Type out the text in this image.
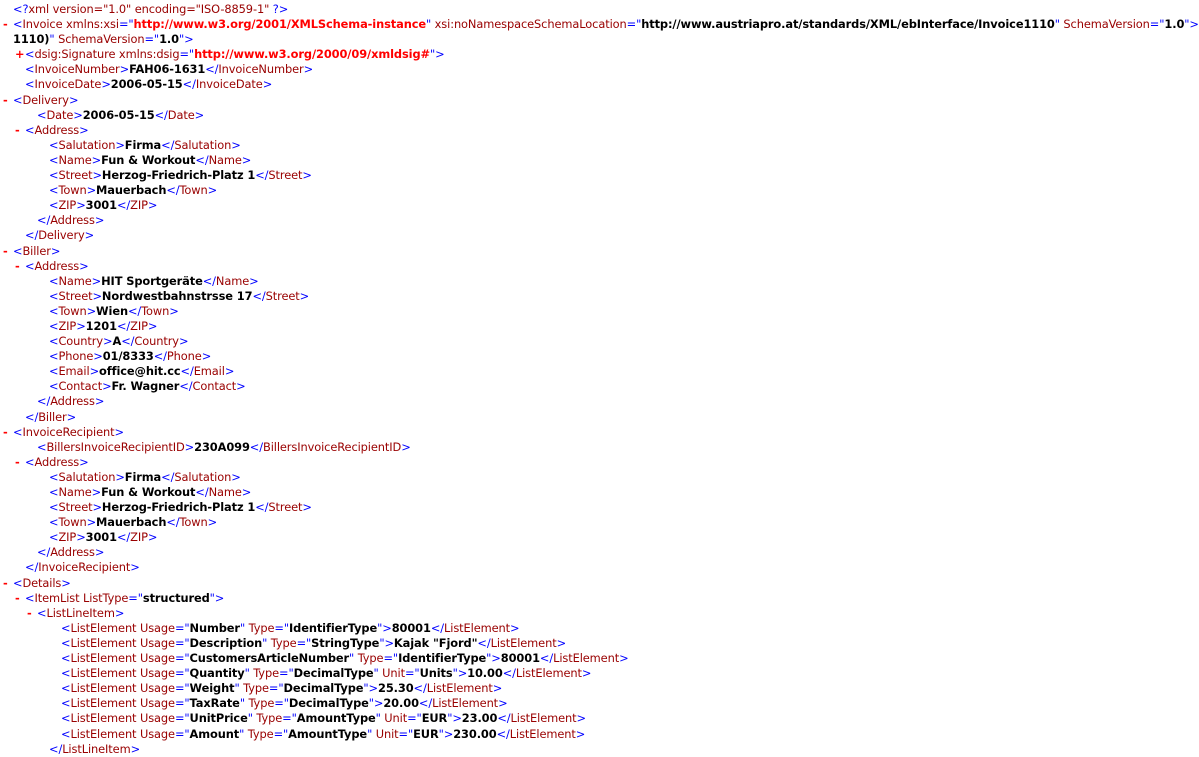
<?xml version="1.0" encoding="ISO-8859-1" ?>
- <Invoice xmlns:xsi="http://www.w3.org/2001/XMLSchema-instance" xsi:noNamespaceSchemaLocation="http://www.austriapro.at/standards/XML/ebInterface/Invoice1110" SchemaVersion="1.0">
1110)" SchemaVersion="1.0">
+ <dsig:Signature xmlns:dsig="http://www.w3.org/2000/09/xmldsig#">
<InvoiceNumber>FAH06-1631</InvoiceNumber>
<InvoiceDate>2006-05-15</InvoiceDate>
- <Delivery>
<Date>2006-05-15</Date>
- <Address>
<Salutation>Firma</Salutation>
<Name>Fun & Workout</Name>
<Street>Herzog-Friedrich-Platz 1</Street>
<Town>Mauerbach</Town>
<ZIP>3001</ZIP>
</Address>
</Delivery>
- <Biller>
- <Address>
<Name>HIT Sportgeräte</Name>
<Street>Nordwestbahnstrsse 17</Street>
<Town>Wien</Town>
<ZIP>1201</ZIP>
<Country>A</Country>
<Phone>01/8333</Phone>
<Email>office@hit.cc</Email>
<Contact>Fr. Wagner</Contact>
</Address>
</Biller>
- <InvoiceRecipient>
<BillersInvoiceRecipientID>230A099</BillersInvoiceRecipientID>
- <Address>
<Salutation>Firma</Salutation>
<Name>Fun & Workout</Name>
<Street>Herzog-Friedrich-Platz 1</Street>
<Town>Mauerbach</Town>
<ZIP>3001</ZIP>
</Address>
</InvoiceRecipient>
- <Details>
- <ItemList ListType="structured">
- <ListLineItem>
<ListElement Usage="Number" Type="IdentifierType">80001</ListElement>
<ListElement Usage="Description" Type="StringType">Kajak "Fjord"</ListElement>
<ListElement Usage="CustomersArticleNumber" Type="IdentifierType">80001</ListElement>
<ListElement Usage="Quantity" Type="DecimalType" Unit="Units">10.00</ListElement>
<ListElement Usage="Weight" Type="DecimalType">25.30</ListElement>
<ListElement Usage="TaxRate" Type="DecimalType">20.00</ListElement>
<ListElement Usage="UnitPrice" Type="AmountType" Unit="EUR">23.00</ListElement>
<ListElement Usage="Amount" Type="AmountType" Unit="EUR">230.00</ListElement>
</ListLineItem>
